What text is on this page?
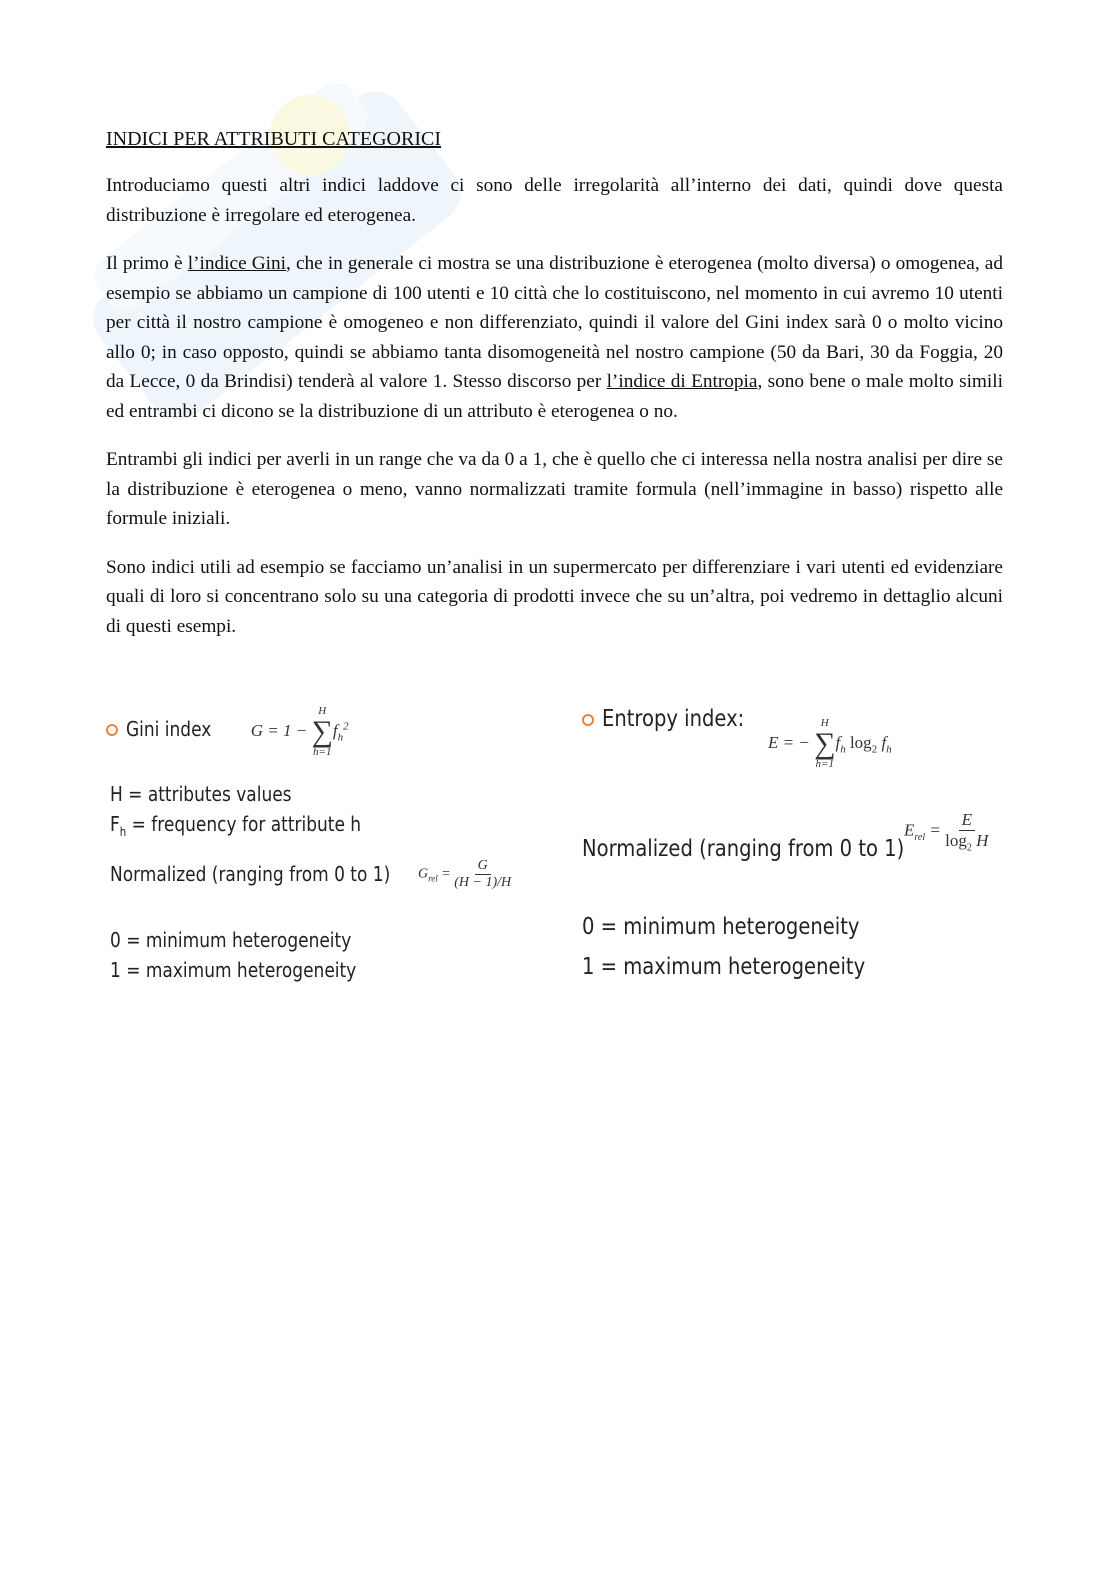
INDICI PER ATTRIBUTI CATEGORICI

Introduciamo questi altri indici laddove ci sono delle irregolarità all’interno dei dati, quindi dove questa distribuzione è irregolare ed eterogenea.

Il primo è l’indice Gini, che in generale ci mostra se una distribuzione è eterogenea (molto diversa) o omogenea, ad esempio se abbiamo un campione di 100 utenti e 10 città che lo costituiscono, nel momento in cui avremo 10 utenti per città il nostro campione è omogeneo e non differenziato, quindi il valore del Gini index sarà 0 o molto vicino allo 0; in caso opposto, quindi se abbiamo tanta disomogeneità nel nostro campione (50 da Bari, 30 da Foggia, 20 da Lecce, 0 da Brindisi) tenderà al valore 1. Stesso discorso per l’indice di Entropia, sono bene o male molto simili ed entrambi ci dicono se la distribuzione di un attributo è eterogenea o no.

Entrambi gli indici per averli in un range che va da 0 a 1, che è quello che ci interessa nella nostra analisi per dire se la distribuzione è eterogenea o meno, vanno normalizzati tramite formula (nell’immagine in basso) rispetto alle formule iniziali.

Sono indici utili ad esempio se facciamo un’analisi in un supermercato per differenziare i vari utenti ed evidenziare quali di loro si concentrano solo su una categoria di prodotti invece che su un’altra, poi vedremo in dettaglio alcuni di questi esempi.

Gini index G = 1 −
H
∑
h=1
$f_h^2$
H = attributes values
$F_h$ = frequency for attribute h
Normalized (ranging from 0 to 1)	$G_{rel} = \frac{G}{(H - 1)/H}$
0 = minimum heterogeneity
1 = maximum heterogeneity
Entropy index:
E = −
H
∑
h=1
$f_h$ $\log_2 f_h$
Normalized (ranging from 0 to 1)
$E_{rel} = \frac{E}{\log_2 H}$
0 = minimum heterogeneity
1 = maximum heterogeneity
